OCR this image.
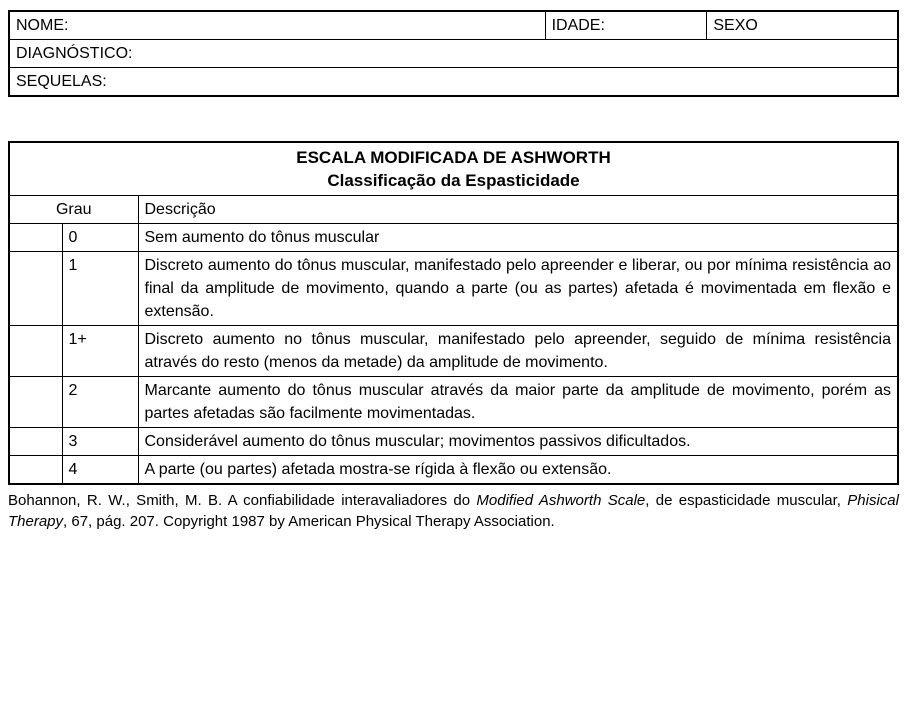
NOME:	IDADE:	SEXO
DIAGNÓSTICO:
SEQUELAS:
ESCALA MODIFICADA DE ASHWORTH
Classificação da Espasticidade		

Grau		Descrição
	0	Sem aumento do tônus muscular
	1	Discreto aumento do tônus muscular, manifestado pelo apreender e liberar, ou por mínima resistência ao final da amplitude de movimento, quando a parte (ou as partes) afetada é movimentada em flexão e extensão.
	1+	Discreto aumento no tônus muscular, manifestado pelo apreender, seguido de mínima resistência através do resto (menos da metade) da amplitude de movimento.
	2	Marcante aumento do tônus muscular através da maior parte da amplitude de movimento, porém as partes afetadas são facilmente movimentadas.
	3	Considerável aumento do tônus muscular; movimentos passivos dificultados.
	4	A parte (ou partes) afetada mostra-se rígida à flexão ou extensão.

Bohannon, R. W., Smith, M. B. A confiabilidade interavaliadores do Modified Ashworth Scale, de espasticidade muscular, Phisical Therapy, 67, pág. 207. Copyright 1987 by American Physical Therapy Association.
